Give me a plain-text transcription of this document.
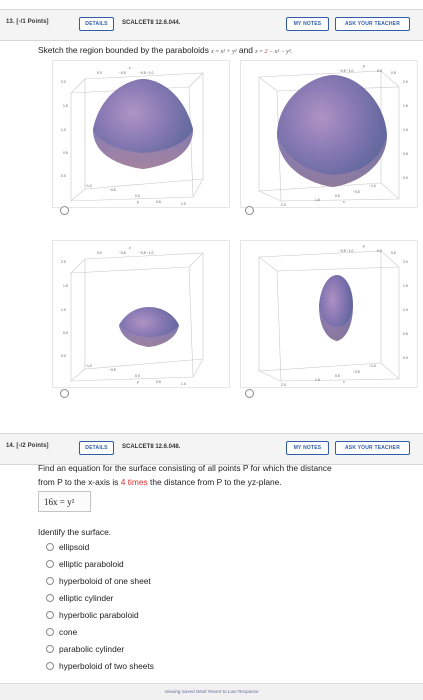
13. [-/1 Points]	DETAILS	SCALCET8 12.6.044.	MY NOTES	ASK YOUR TEACHER
Sketch the region bounded by the paraboloids z = x² + y² and z = 2 − x² − y².
z
0.0	−0.5	−0.5 −1.0
2.0
1.5
1.0
0.5
0.0
−1.0
−0.5
0.0
y	0.5	1.0
y
−0.5 −1.0	0.0	0.5
2.0
1.5
1.0
0.5
0.0
−1.0
−0.5
0.5
x
1.5
2.0
z
0.0	−0.5	−0.5 −1.0
2.0
1.5
1.0
0.5
0.0
−1.0
−0.5
0.0
y	0.5	1.0
y
−0.5 −1.0	0.0	0.5
2.0
1.5
1.0
0.5
0.0
−1.0
−0.5
0.5
x
1.5
2.0
14. [-/2 Points]	DETAILS	SCALCET8 12.6.048.	MY NOTES	ASK YOUR TEACHER
Find an equation for the surface consisting of all points P for which the distance
from P to the x-axis is 4 times the distance from P to the yz-plane.
16x = y²
Identify the surface.
ellipsoid
elliptic paraboloid
hyperboloid of one sheet
elliptic cylinder
hyperbolic paraboloid
cone
parabolic cylinder
hyperboloid of two sheets
Viewing Saved Work Revert to Last Response
